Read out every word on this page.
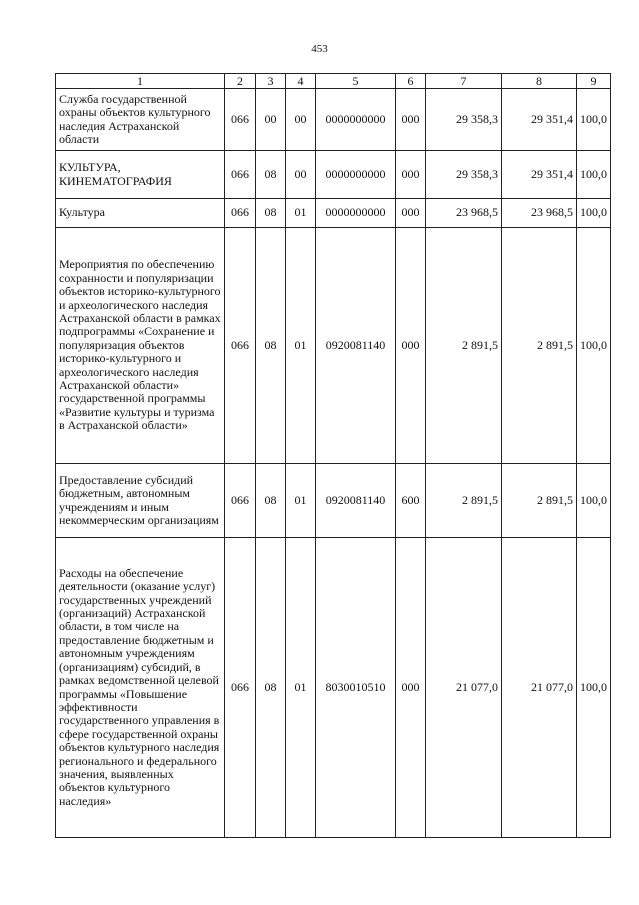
453
1	2	3	4	5	6	7	8	9
Служба государственной охраны объектов культурного наследия Астраханской области	066	00	00	0000000000	000	29 358,3	29 351,4	100,0
КУЛЬТУРА, КИНЕМАТОГРАФИЯ	066	08	00	0000000000	000	29 358,3	29 351,4	100,0
Культура	066	08	01	0000000000	000	23 968,5	23 968,5	100,0
Мероприятия по обеспечению сохранности и популяризации объектов историко-культурного и археологического наследия Астраханской области в рамках подпрограммы «Сохранение и популяризация объектов историко-культурного и археологического наследия Астраханской области» государственной программы «Развитие культуры и туризма в Астраханской области»	066	08	01	0920081140	000	2 891,5	2 891,5	100,0
Предоставление субсидий бюджетным, автономным учреждениям и иным некоммерческим организациям	066	08	01	0920081140	600	2 891,5	2 891,5	100,0
Расходы на обеспечение деятельности (оказание услуг) государственных учреждений (организаций) Астраханской области, в том числе на предоставление бюджетным и автономным учреждениям (организациям) субсидий, в рамках ведомственной целевой программы «Повышение эффективности государственного управления в сфере государственной охраны объектов культурного наследия регионального и федерального значения, выявленных объектов культурного наследия»	066	08	01	8030010510	000	21 077,0	21 077,0	100,0
